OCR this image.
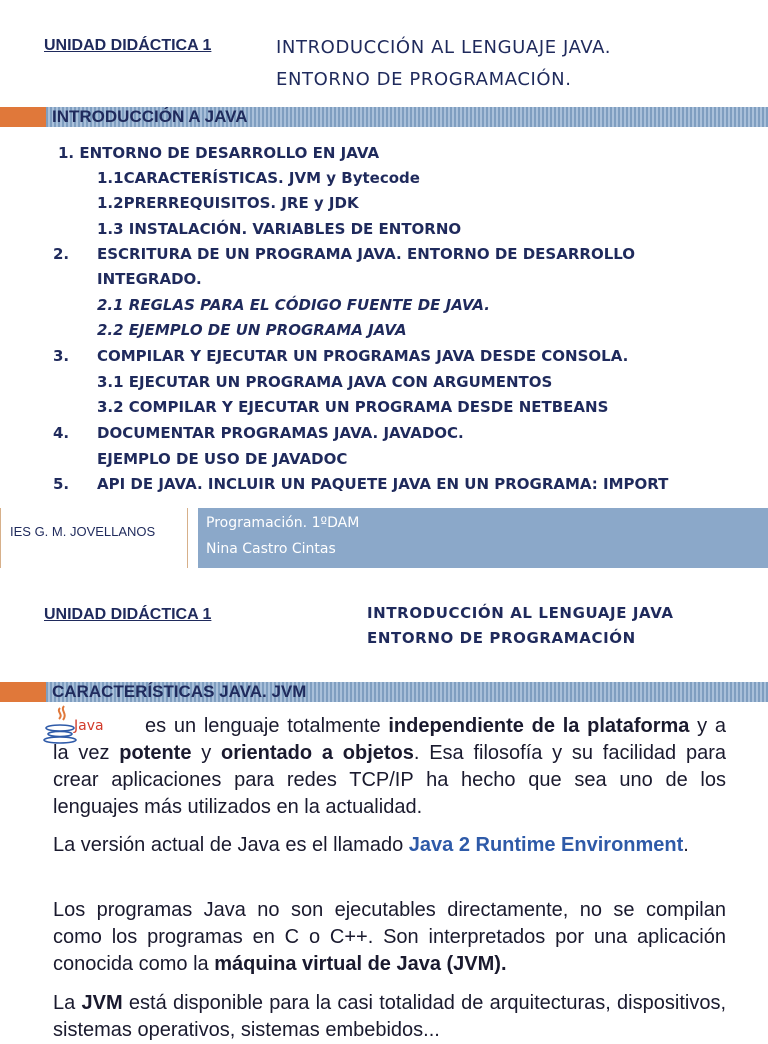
UNIDAD DIDÁCTICA 1	INTRODUCCIÓN AL LENGUAJE JAVA.
ENTORNO DE PROGRAMACIÓN.
INTRODUCCIÓN A JAVA
1. ENTORNO DE DESARROLLO EN JAVA
1.1CARACTERÍSTICAS. JVM y Bytecode
1.2PRERREQUISITOS. JRE y JDK
1.3 INSTALACIÓN. VARIABLES DE ENTORNO
2. ESCRITURA DE UN PROGRAMA JAVA. ENTORNO DE DESARROLLO
INTEGRADO.
2.1 REGLAS PARA EL CÓDIGO FUENTE DE JAVA.
2.2 EJEMPLO DE UN PROGRAMA JAVA
3. COMPILAR Y EJECUTAR UN PROGRAMAS JAVA DESDE CONSOLA.
3.1 EJECUTAR UN PROGRAMA JAVA CON ARGUMENTOS
3.2 COMPILAR Y EJECUTAR UN PROGRAMA DESDE NETBEANS
4. DOCUMENTAR PROGRAMAS JAVA. JAVADOC.
EJEMPLO DE USO DE JAVADOC
5. API DE JAVA. INCLUIR UN PAQUETE JAVA EN UN PROGRAMA: IMPORT
IES G. M. JOVELLANOS
Programación. 1ºDAM
Nina Castro Cintas
UNIDAD DIDÁCTICA 1	INTRODUCCIÓN AL LENGUAJE JAVA
ENTORNO DE PROGRAMACIÓN
CARACTERÍSTICAS JAVA. JVM
Java	es un lenguaje totalmente independiente de la plataforma y a la vez potente y orientado a objetos. Esa filosofía y su facilidad para crear aplicaciones para redes TCP/IP ha hecho que sea uno de los lenguajes más utilizados en la actualidad.
La versión actual de Java es el llamado Java 2 Runtime Environment.
Los programas Java no son ejecutables directamente, no se compilan como los programas en C o C++. Son interpretados por una aplicación conocida como la máquina virtual de Java (JVM).
La JVM está disponible para la casi totalidad de arquitecturas, dispositivos, sistemas operativos, sistemas embebidos...
